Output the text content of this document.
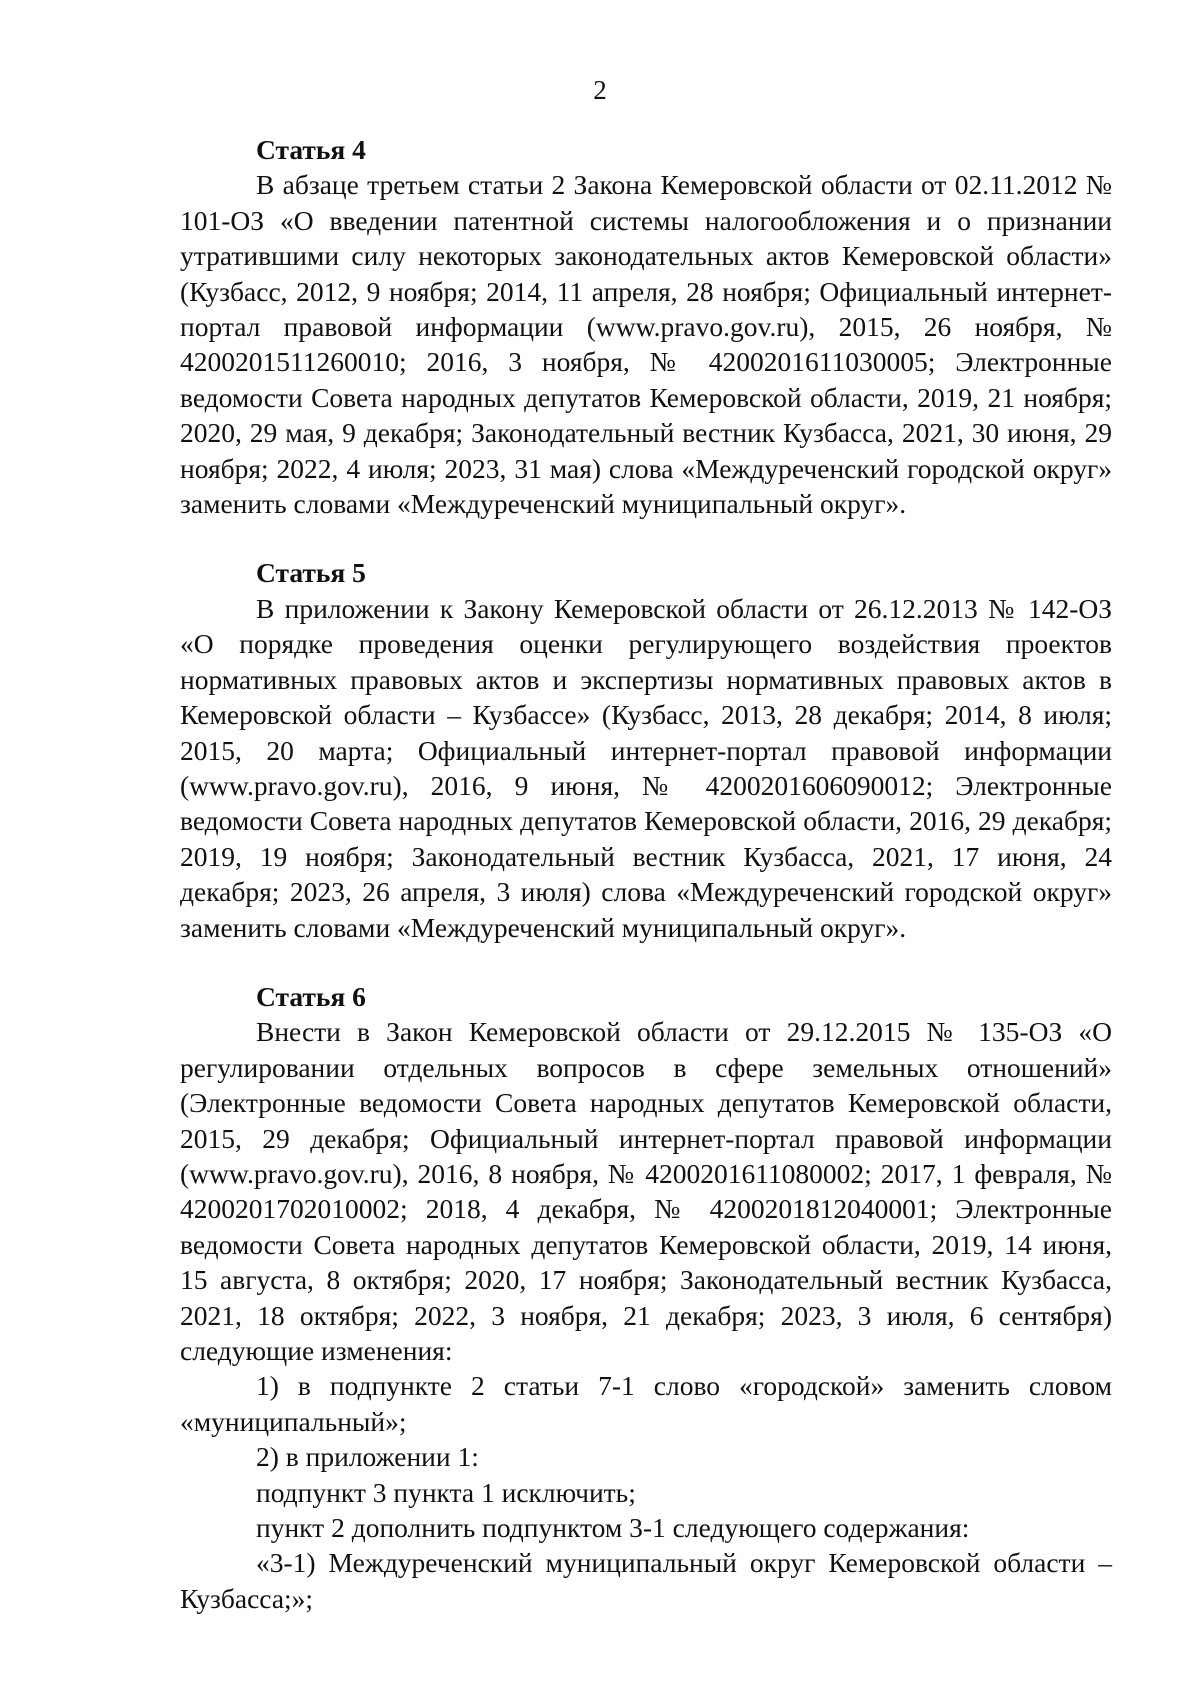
2

Статья 4

В абзаце третьем статьи 2 Закона Кемеровской области от 02.11.2012 № 101-ОЗ «О введении патентной системы налогообложения и о признании утратившими силу некоторых законодательных актов Кемеровской области» (Кузбасс, 2012, 9 ноября; 2014, 11 апреля, 28 ноября; Официальный интернет-портал правовой информации (www.pravo.gov.ru), 2015, 26 ноября, № 4200201511260010; 2016, 3 ноября, № 4200201611030005; Электронные ведомости Совета народных депутатов Кемеровской области, 2019, 21 ноября; 2020, 29 мая, 9 декабря; Законодательный вестник Кузбасса, 2021, 30 июня, 29 ноября; 2022, 4 июля; 2023, 31 мая) слова «Междуреченский городской округ» заменить словами «Междуреченский муниципальный округ».

Статья 5

В приложении к Закону Кемеровской области от 26.12.2013 № 142-ОЗ «О порядке проведения оценки регулирующего воздействия проектов нормативных правовых актов и экспертизы нормативных правовых актов в Кемеровской области – Кузбассе» (Кузбасс, 2013, 28 декабря; 2014, 8 июля; 2015, 20 марта; Официальный интернет-портал правовой информации (www.pravo.gov.ru), 2016, 9 июня, № 4200201606090012; Электронные ведомости Совета народных депутатов Кемеровской области, 2016, 29 декабря; 2019, 19 ноября; Законодательный вестник Кузбасса, 2021, 17 июня, 24 декабря; 2023, 26 апреля, 3 июля) слова «Междуреченский городской округ» заменить словами «Междуреченский муниципальный округ».

Статья 6

Внести в Закон Кемеровской области от 29.12.2015 № 135-ОЗ «О регулировании отдельных вопросов в сфере земельных отношений» (Электронные ведомости Совета народных депутатов Кемеровской области, 2015, 29 декабря; Официальный интернет-портал правовой информации (www.pravo.gov.ru), 2016, 8 ноября, № 4200201611080002; 2017, 1 февраля, № 4200201702010002; 2018, 4 декабря, № 4200201812040001; Электронные ведомости Совета народных депутатов Кемеровской области, 2019, 14 июня, 15 августа, 8 октября; 2020, 17 ноября; Законодательный вестник Кузбасса, 2021, 18 октября; 2022, 3 ноября, 21 декабря; 2023, 3 июля, 6 сентября) следующие изменения:

1) в подпункте 2 статьи 7-1 слово «городской» заменить словом «муниципальный»;

2) в приложении 1:

подпункт 3 пункта 1 исключить;

пункт 2 дополнить подпунктом 3-1 следующего содержания:

«3-1) Междуреченский муниципальный округ Кемеровской области – Кузбасса;»;
